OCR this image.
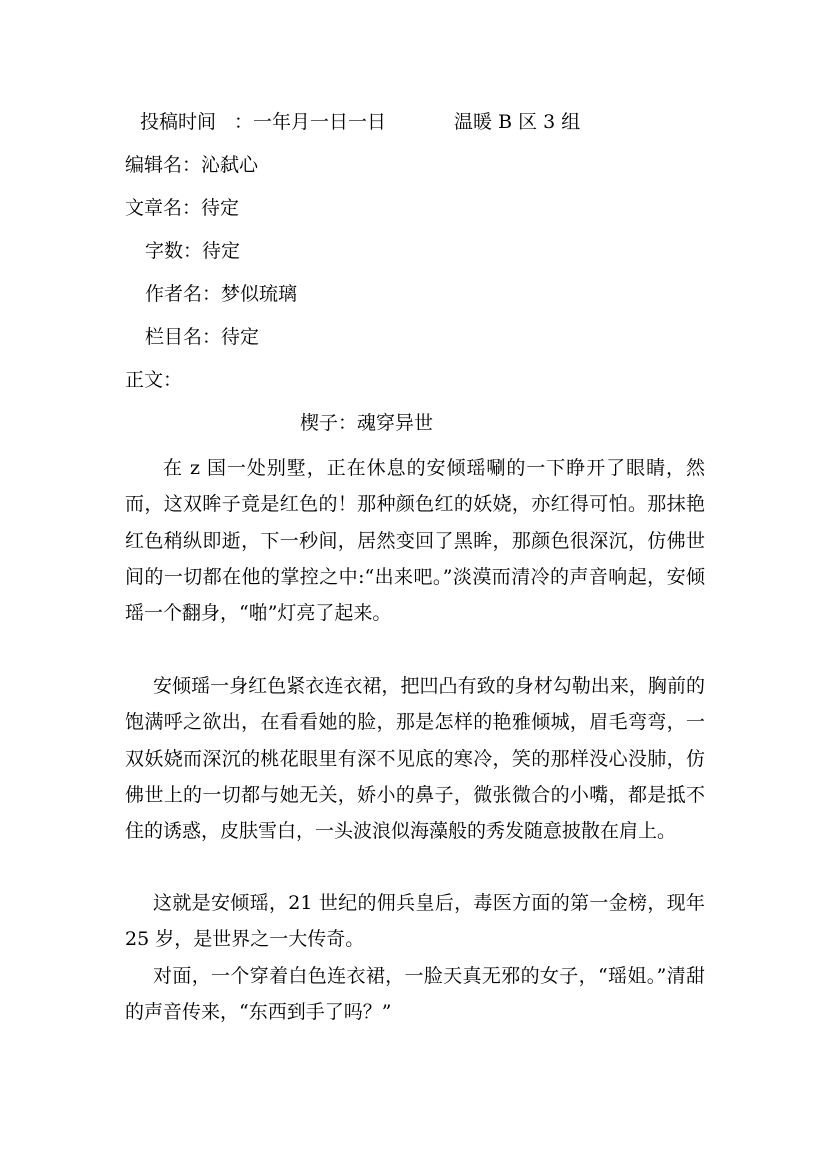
投稿时间 ：一年月一日一日	温暖 B 区 3 组
编辑名：沁弑心
文章名：待定
字数：待定
作者名：梦似琉璃
栏目名：待定
正文：
楔子：魂穿异世

在 z 国一处别墅，正在休息的安倾瑶唰的一下睁开了眼睛，然而，这双眸子竟是红色的！那种颜色红的妖娆，亦红得可怕。那抹艳红色稍纵即逝，下一秒间，居然变回了黑眸，那颜色很深沉，仿佛世间的一切都在他的掌控之中:“出来吧。”淡漠而清冷的声音响起，安倾瑶一个翻身，“啪”灯亮了起来。

安倾瑶一身红色紧衣连衣裙，把凹凸有致的身材勾勒出来，胸前的饱满呼之欲出，在看看她的脸，那是怎样的艳雅倾城，眉毛弯弯，一双妖娆而深沉的桃花眼里有深不见底的寒冷，笑的那样没心没肺，仿佛世上的一切都与她无关，娇小的鼻子，微张微合的小嘴，都是抵不住的诱惑，皮肤雪白，一头波浪似海藻般的秀发随意披散在肩上。

这就是安倾瑶，21 世纪的佣兵皇后，毒医方面的第一金榜，现年 25 岁，是世界之一大传奇。

对面，一个穿着白色连衣裙，一脸天真无邪的女子，“瑶姐。”清甜的声音传来，“东西到手了吗？”
